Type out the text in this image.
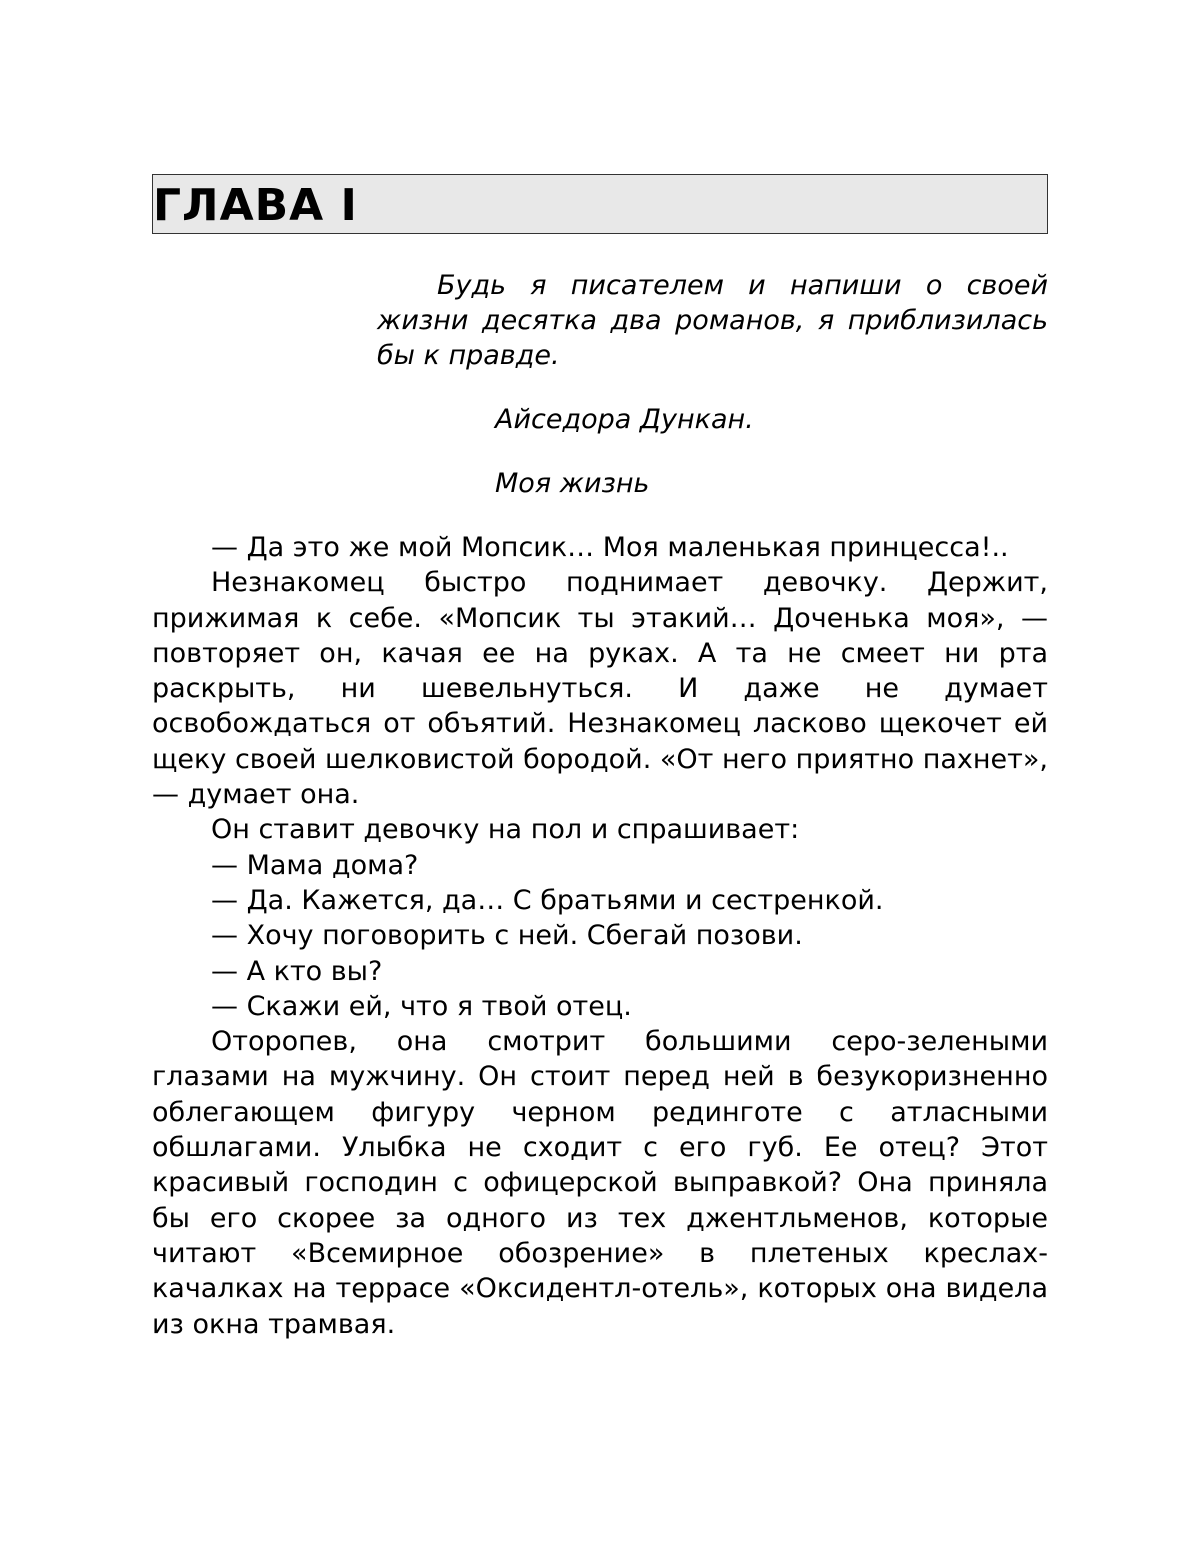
ГЛАВА I

Будь я писателем и напиши о своей жизни десятка два романов, я приблизилась бы к правде.

Айседора Дункан.

Моя жизнь

— Да это же мой Мопсик… Моя маленькая принцесса!..

Незнакомец быстро поднимает девочку. Держит, прижимая к себе. «Мопсик ты этакий… Доченька моя», — повторяет он, качая ее на руках. А та не смеет ни рта раскрыть, ни шевельнуться. И даже не думает освобождаться от объятий. Незнакомец ласково щекочет ей щеку своей шелковистой бородой. «От него приятно пахнет», — думает она.

Он ставит девочку на пол и спрашивает:

— Мама дома?

— Да. Кажется, да… С братьями и сестренкой.

— Хочу поговорить с ней. Сбегай позови.

— А кто вы?

— Скажи ей, что я твой отец.

Оторопев, она смотрит большими серо-зелеными глазами на мужчину. Он стоит перед ней в безукоризненно облегающем фигуру черном рединготе с атласными обшлагами. Улыбка не сходит с его губ. Ее отец? Этот красивый господин с офицерской выправкой? Она приняла бы его скорее за одного из тех джентльменов, которые читают «Всемирное обозрение» в плетеных креслах-качалках на террасе «Оксидентл-отель», которых она видела из окна трамвая.
